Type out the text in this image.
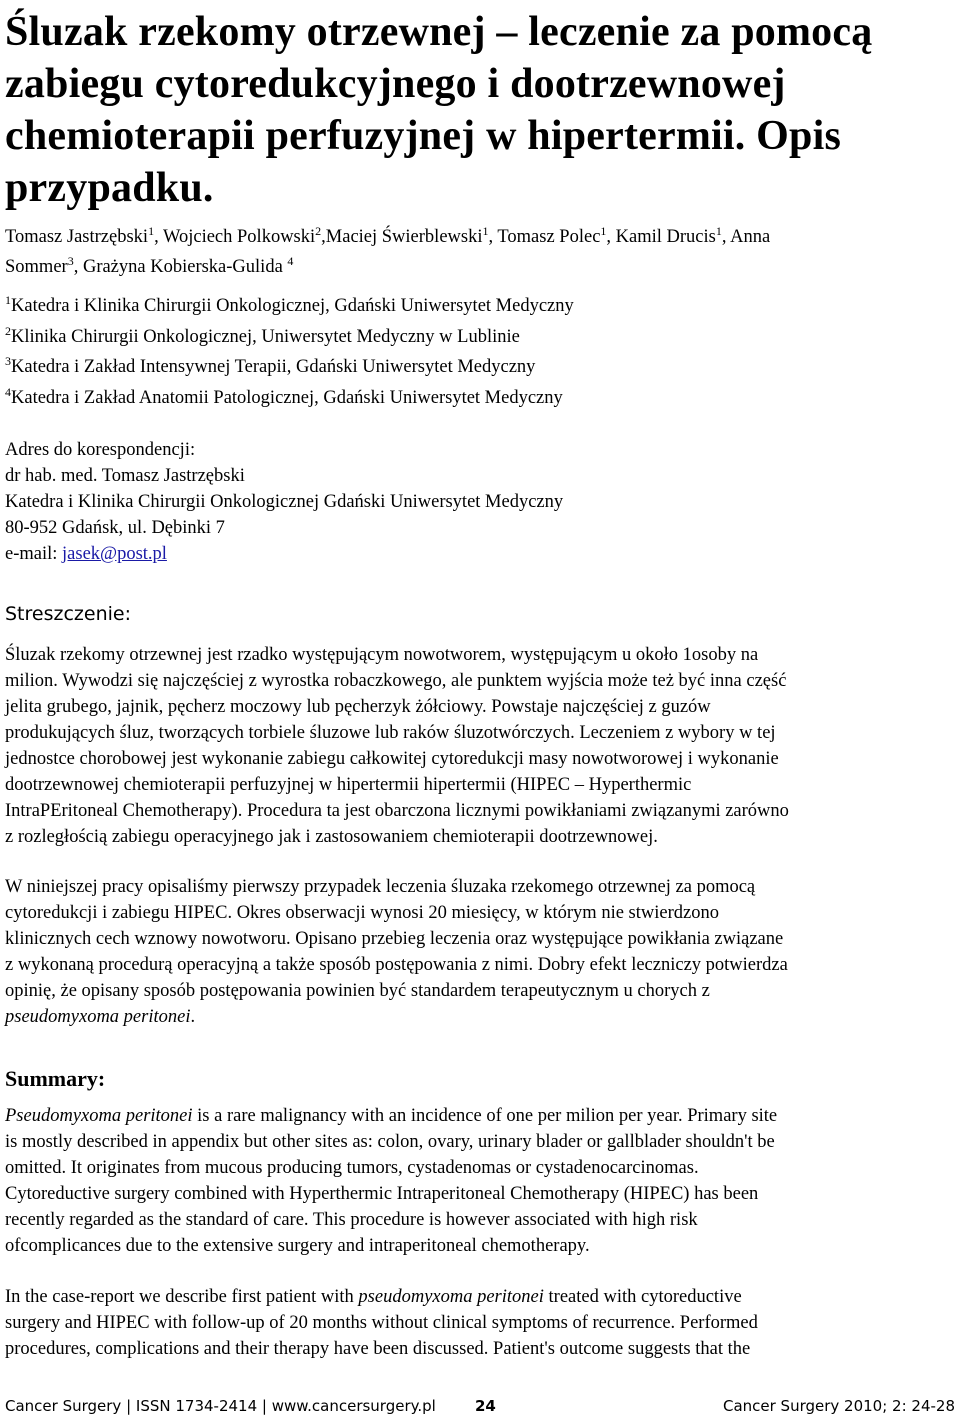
Śluzak rzekomy otrzewnej – leczenie za pomocą
zabiegu cytoredukcyjnego i dootrzewnowej
chemioterapii perfuzyjnej w hipertermii. Opis
przypadku.
Tomasz Jastrzębski$^1$, Wojciech Polkowski$^2$,Maciej Świerblewski$^1$, Tomasz Polec$^1$, Kamil Drucis$^1$, Anna
Sommer$^3$, Grażyna Kobierska-Gulida $^4$
$^1$Katedra i Klinika Chirurgii Onkologicznej, Gdański Uniwersytet Medyczny
$^2$Klinika Chirurgii Onkologicznej, Uniwersytet Medyczny w Lublinie
$^3$Katedra i Zakład Intensywnej Terapii, Gdański Uniwersytet Medyczny
$^4$Katedra i Zakład Anatomii Patologicznej, Gdański Uniwersytet Medyczny
Adres do korespondencji:
dr hab. med. Tomasz Jastrzębski
Katedra i Klinika Chirurgii Onkologicznej Gdański Uniwersytet Medyczny
80-952 Gdańsk, ul. Dębinki 7
e-mail: jasek@post.pl
Streszczenie:
Śluzak rzekomy otrzewnej jest rzadko występującym nowotworem, występującym u około 1osoby na
milion. Wywodzi się najczęściej z wyrostka robaczkowego, ale punktem wyjścia może też być inna część
jelita grubego, jajnik, pęcherz moczowy lub pęcherzyk żółciowy. Powstaje najczęściej z guzów
produkujących śluz, tworzących torbiele śluzowe lub raków śluzotwórczych. Leczeniem z wybory w tej
jednostce chorobowej jest wykonanie zabiegu całkowitej cytoredukcji masy nowotworowej i wykonanie
dootrzewnowej chemioterapii perfuzyjnej w hipertermii hipertermii (HIPEC – Hyperthermic
IntraPEritoneal Chemotherapy). Procedura ta jest obarczona licznymi powikłaniami związanymi zarówno
z rozległością zabiegu operacyjnego jak i zastosowaniem chemioterapii dootrzewnowej.
W niniejszej pracy opisaliśmy pierwszy przypadek leczenia śluzaka rzekomego otrzewnej za pomocą
cytoredukcji i zabiegu HIPEC. Okres obserwacji wynosi 20 miesięcy, w którym nie stwierdzono
klinicznych cech wznowy nowotworu. Opisano przebieg leczenia oraz występujące powikłania związane
z wykonaną procedurą operacyjną a także sposób postępowania z nimi. Dobry efekt leczniczy potwierdza
opinię, że opisany sposób postępowania powinien być standardem terapeutycznym u chorych z
pseudomyxoma peritonei.
Summary:
Pseudomyxoma peritonei is a rare malignancy with an incidence of one per milion per year. Primary site
is mostly described in appendix but other sites as: colon, ovary, urinary blader or gallblader shouldn't be
omitted. It originates from mucous producing tumors, cystadenomas or cystadenocarcinomas.
Cytoreductive surgery combined with Hyperthermic Intraperitoneal Chemotherapy (HIPEC) has been
recently regarded as the standard of care. This procedure is however associated with high risk
ofcomplicances due to the extensive surgery and intraperitoneal chemotherapy.
In the case-report we describe first patient with pseudomyxoma peritonei treated with cytoreductive
surgery and HIPEC with follow-up of 20 months without clinical symptoms of recurrence. Performed
procedures, complications and their therapy have been discussed. Patient's outcome suggests that the
Cancer Surgery | ISSN 1734-2414 | www.cancersurgery.pl	24	Cancer Surgery 2010; 2: 24-28
